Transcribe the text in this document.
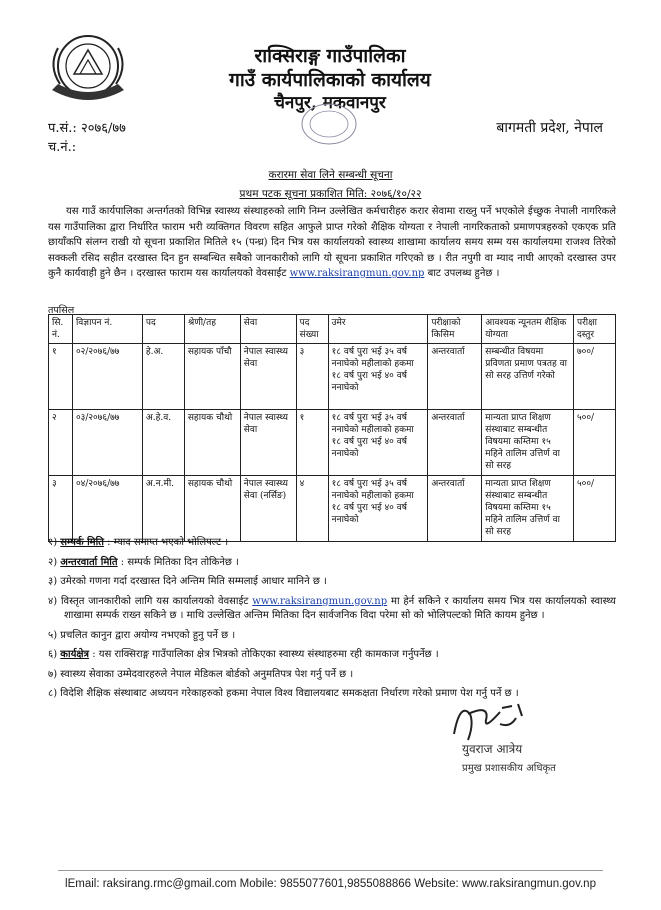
राक्सिराङ्ग गाउँपालिका
गाउँ कार्यपालिकाको कार्यालय
चैनपुर, मकवानपुर
प.सं.: २०७६/७७
च.नं.:
बागमती प्रदेश, नेपाल
करारमा सेवा लिने सम्बन्धी सूचना
प्रथम पटक सूचना प्रकाशित मिति: २०७६/१०/२२
यस गाउँ कार्यपालिका अन्तर्गतको विभिन्न स्वास्थ्य संस्थाहरुको लागि निम्न उल्लेखित कर्मचारीहरु करार सेवामा राख्नु पर्ने भएकोले ईच्छुक नेपाली नागरिकले यस गाउँपालिका द्वारा निर्धारित फाराम भरी व्यक्तिगत विवरण सहित आफुले प्राप्त गरेको शैक्षिक योग्यता र नेपाली नागरिकताको प्रमाणपत्रहरुको एकएक प्रति छायाँकपि संलग्न राखी यो सूचना प्रकाशित मितिले १५ (पन्ध्र) दिन भित्र यस कार्यालयको स्वास्थ्य शाखामा कार्यालय समय सम्म यस कार्यालयमा राजश्व तिरेको सक्कली रसिद सहीत दरखास्त दिन हुन सम्बन्धित सबैको जानकारीको लागि यो सूचना प्रकाशित गरिएको छ । रीत नपुगी वा म्याद नाघी आएको दरखास्त उपर कुनै कार्यवाही हुने छैन । दरखास्त फाराम यस कार्यालयको वेवसाईट www.raksirangmun.gov.np बाट उपलब्ध हुनेछ ।
तपसिल
सि. नं.	विज्ञापन नं.	पद	श्रेणी/तह	सेवा	पद संख्या	उमेर	परीक्षाको किसिम	आवश्यक न्यूनतम शैक्षिक योग्यता	परीक्षा दस्तुर
१	०२/२०७६/७७	हे.अ.	सहायक पाँचौ	नेपाल स्वास्थ्य सेवा	३	१८ वर्ष पुरा भई ३५ वर्ष ननाघेको महीलाको हकमा १८ वर्ष पुरा भई ४० वर्ष ननाघेको	अन्तरवार्ता	सम्बन्धीत विषयमा प्रविणता प्रमाण पत्रतह वा सो सरह उत्तिर्ण गरेको	७००/
२	०३/२०७६/७७	अ.हे.व.	सहायक चौथो	नेपाल स्वास्थ्य सेवा	१	१८ वर्ष पुरा भई ३५ वर्ष ननाघेको महीलाको हकमा १८ वर्ष पुरा भई ४० वर्ष ननाघेको	अन्तरवार्ता	मान्यता प्राप्त शिक्षण संस्थाबाट सम्बन्धीत विषयमा कम्तिमा १५ महिने तालिम उत्तिर्ण वा सो सरह	५००/
३	०४/२०७६/७७	अ.न.मी.	सहायक चौथो	नेपाल स्वास्थ्य सेवा (नर्सिङ)	४	१८ वर्ष पुरा भई ३५ वर्ष ननाघेको महीलाको हकमा १८ वर्ष पुरा भई ४० वर्ष ननाघेको	अन्तरवार्ता	मान्यता प्राप्त शिक्षण संस्थाबाट सम्बन्धीत विषयमा कम्तिमा १५ महिने तालिम उत्तिर्ण वा सो सरह	५००/
१) सम्पर्क मिति : म्याद समाप्त भएको भोलिपल्ट ।
२) अन्तरवार्ता मिति : सम्पर्क मितिका दिन तोकिनेछ ।
३) उमेरको गणना गर्दा दरखास्त दिने अन्तिम मिति सम्मलाई आधार मानिने छ ।
४) विस्तृत जानकारीको लागि यस कार्यालयको वेवसाईट www.raksirangmun.gov.np मा हेर्न सकिने र कार्यालय समय भित्र यस कार्यालयको स्वास्थ्य शाखामा सम्पर्क राख्न सकिने छ । माथि उल्लेखित अन्तिम मितिका दिन सार्वजनिक विदा परेमा सो को भोलिपल्टको मिति कायम हुनेछ ।
५) प्रचलित कानुन द्वारा अयोग्य नभएको हुनु पर्ने छ ।
६) कार्यक्षेत्र : यस राक्सिराङ्ग गाउँपालिका क्षेत्र भित्रको तोकिएका स्वास्थ्य संस्थाहरुमा रही कामकाज गर्नुपर्नेछ ।
७) स्वास्थ्य सेवाका उम्मेदवारहरुले नेपाल मेडिकल बोर्डको अनुमतिपत्र पेश गर्नु पर्ने छ ।
८) विदेशि शैक्षिक संस्थाबाट अध्ययन गरेकाहरुको हकमा नेपाल विश्व विद्यालयबाट समकक्षता निर्धारण गरेको प्रमाण पेश गर्नु पर्ने छ ।
युवराज आत्रेय
प्रमुख प्रशासकीय अधिकृत
lEmail: raksirang.rmc@gmail.com Mobile: 9855077601,9855088866 Website: www.raksirangmun.gov.np
